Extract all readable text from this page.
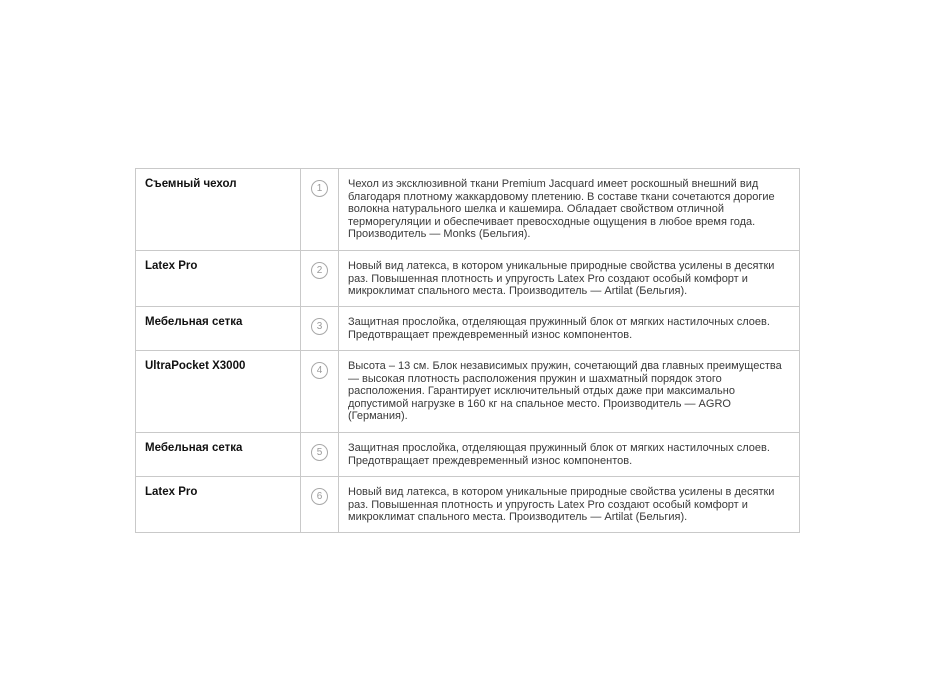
Съемный чехол	1	Чехол из эксклюзивной ткани Premium Jacquard имеет роскошный внешний вид благодаря плотному жаккардовому плетению. В составе ткани сочетаются дорогие волокна натурального шелка и кашемира. Обладает свойством отличной терморегуляции и обеспечивает превосходные ощущения в любое время года. Производитель — Monks (Бельгия).
Latex Pro	2	Новый вид латекса, в котором уникальные природные свойства усилены в десятки раз. Повышенная плотность и упругость Latex Pro создают особый комфорт и микроклимат спального места. Производитель — Artilat (Бельгия).
Мебельная сетка	3	Защитная прослойка, отделяющая пружинный блок от мягких настилочных слоев. Предотвращает преждевременный износ компонентов.
UltraPocket X3000	4	Высота – 13 см. Блок независимых пружин, сочетающий два главных преимущества — высокая плотность расположения пружин и шахматный порядок этого расположения. Гарантирует исключительный отдых даже при максимально допустимой нагрузке в 160 кг на спальное место. Производитель — AGRO (Германия).
Мебельная сетка	5	Защитная прослойка, отделяющая пружинный блок от мягких настилочных слоев. Предотвращает преждевременный износ компонентов.
Latex Pro	6	Новый вид латекса, в котором уникальные природные свойства усилены в десятки раз. Повышенная плотность и упругость Latex Pro создают особый комфорт и микроклимат спального места. Производитель — Artilat (Бельгия).
